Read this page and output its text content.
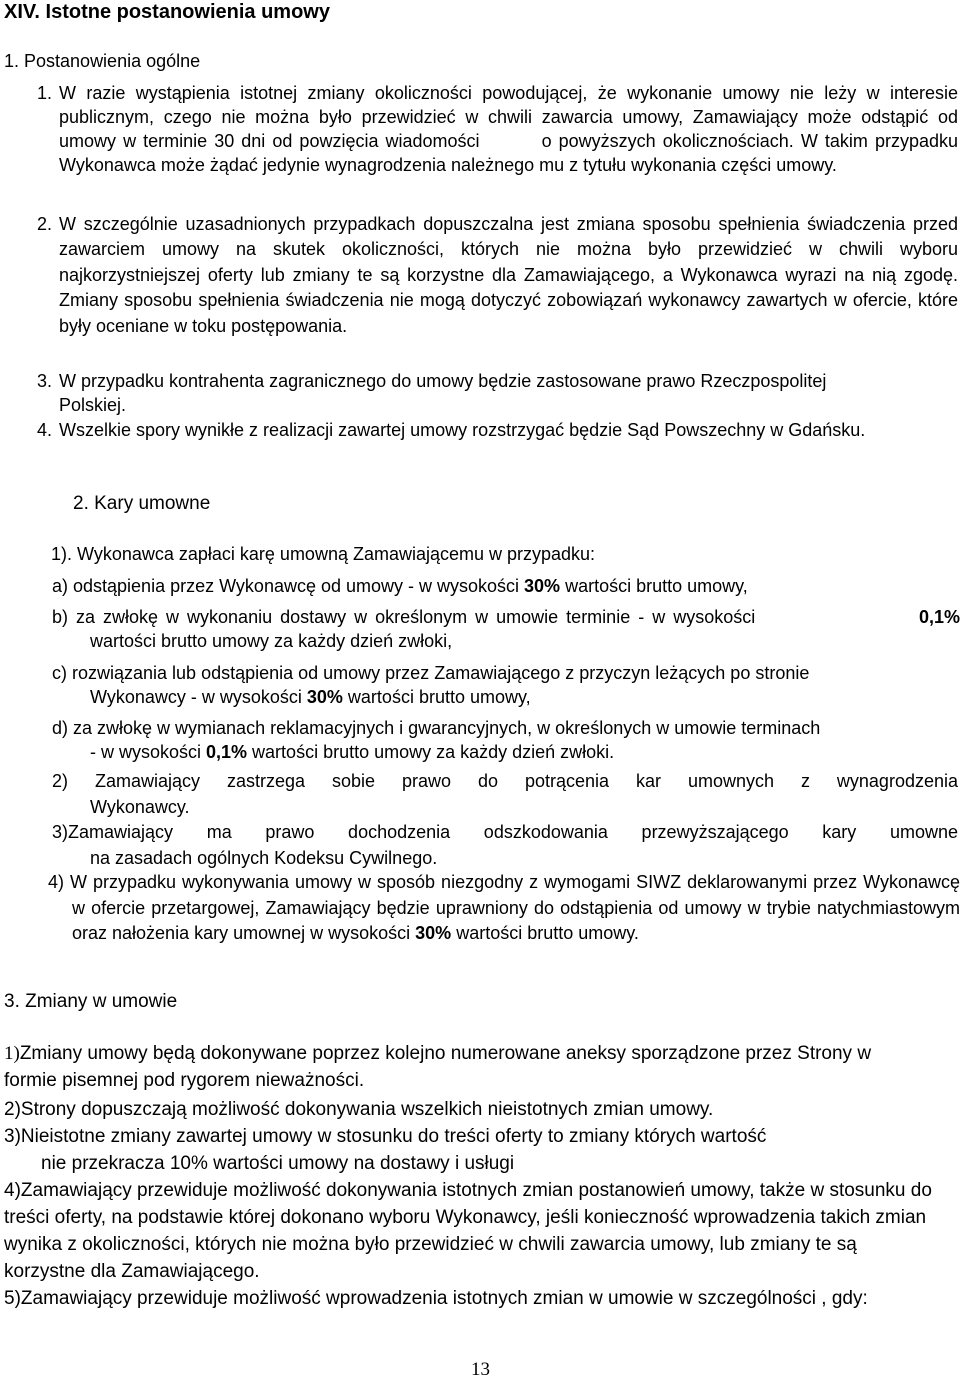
XIV. Istotne postanowienia umowy
1. Postanowienia ogólne
1. W razie wystąpienia istotnej zmiany okoliczności powodującej, że wykonanie umowy nie leży w interesie publicznym, czego nie można było przewidzieć w chwili zawarcia umowy, Zamawiający może odstąpić od umowy w terminie 30 dni od powzięcia wiadomości	o powyższych okolicznościach. W takim przypadku Wykonawca może żądać jedynie wynagrodzenia należnego mu z tytułu wykonania części umowy.
2. W szczególnie uzasadnionych przypadkach dopuszczalna jest zmiana sposobu spełnienia świadczenia przed zawarciem umowy na skutek okoliczności, których nie można było przewidzieć w chwili wyboru najkorzystniejszej oferty lub zmiany te są korzystne dla Zamawiającego, a Wykonawca wyrazi na nią zgodę. Zmiany sposobu spełnienia świadczenia nie mogą dotyczyć zobowiązań wykonawcy zawartych w ofercie, które były oceniane w toku postępowania.
3. W przypadku kontrahenta zagranicznego do umowy będzie zastosowane prawo Rzeczpospolitej Polskiej.
4. Wszelkie spory wynikłe z realizacji zawartej umowy rozstrzygać będzie Sąd Powszechny w Gdańsku.
2. Kary umowne
1). Wykonawca zapłaci karę umowną Zamawiającemu w przypadku:
a) odstąpienia przez Wykonawcę od umowy - w wysokości 30% wartości brutto umowy,
b) za zwłokę w wykonaniu dostawy w określonym w umowie terminie - w wysokości	0,1%
wartości brutto umowy za każdy dzień zwłoki,
c) rozwiązania lub odstąpienia od umowy przez Zamawiającego z przyczyn leżących po stronie
Wykonawcy - w wysokości 30% wartości brutto umowy,
d) za zwłokę w wymianach reklamacyjnych i gwarancyjnych, w określonych w umowie terminach
- w wysokości 0,1% wartości brutto umowy za każdy dzień zwłoki.
2) Zamawiający zastrzega sobie prawo do potrącenia kar umownych z wynagrodzenia
Wykonawcy.
3)Zamawiający ma prawo dochodzenia odszkodowania przewyższającego kary umowne
na zasadach ogólnych Kodeksu Cywilnego.
4) W przypadku wykonywania umowy w sposób niezgodny z wymogami SIWZ deklarowanymi przez Wykonawcę w ofercie przetargowej, Zamawiający będzie uprawniony do odstąpienia od umowy w trybie natychmiastowym oraz nałożenia kary umownej w wysokości 30% wartości brutto umowy.
3. Zmiany w umowie
1)Zmiany umowy będą dokonywane poprzez kolejno numerowane aneksy sporządzone przez Strony w formie pisemnej pod rygorem nieważności.
2)Strony dopuszczają możliwość dokonywania wszelkich nieistotnych zmian umowy.
3)Nieistotne zmiany zawartej umowy w stosunku do treści oferty to zmiany których wartość
nie przekracza 10% wartości umowy na dostawy i usługi
4)Zamawiający przewiduje możliwość dokonywania istotnych zmian postanowień umowy, także w stosunku do treści oferty, na podstawie której dokonano wyboru Wykonawcy, jeśli konieczność wprowadzenia takich zmian wynika z okoliczności, których nie można było przewidzieć w chwili zawarcia umowy, lub zmiany te są korzystne dla Zamawiającego.
5)Zamawiający przewiduje możliwość wprowadzenia istotnych zmian w umowie w szczególności , gdy:
13
